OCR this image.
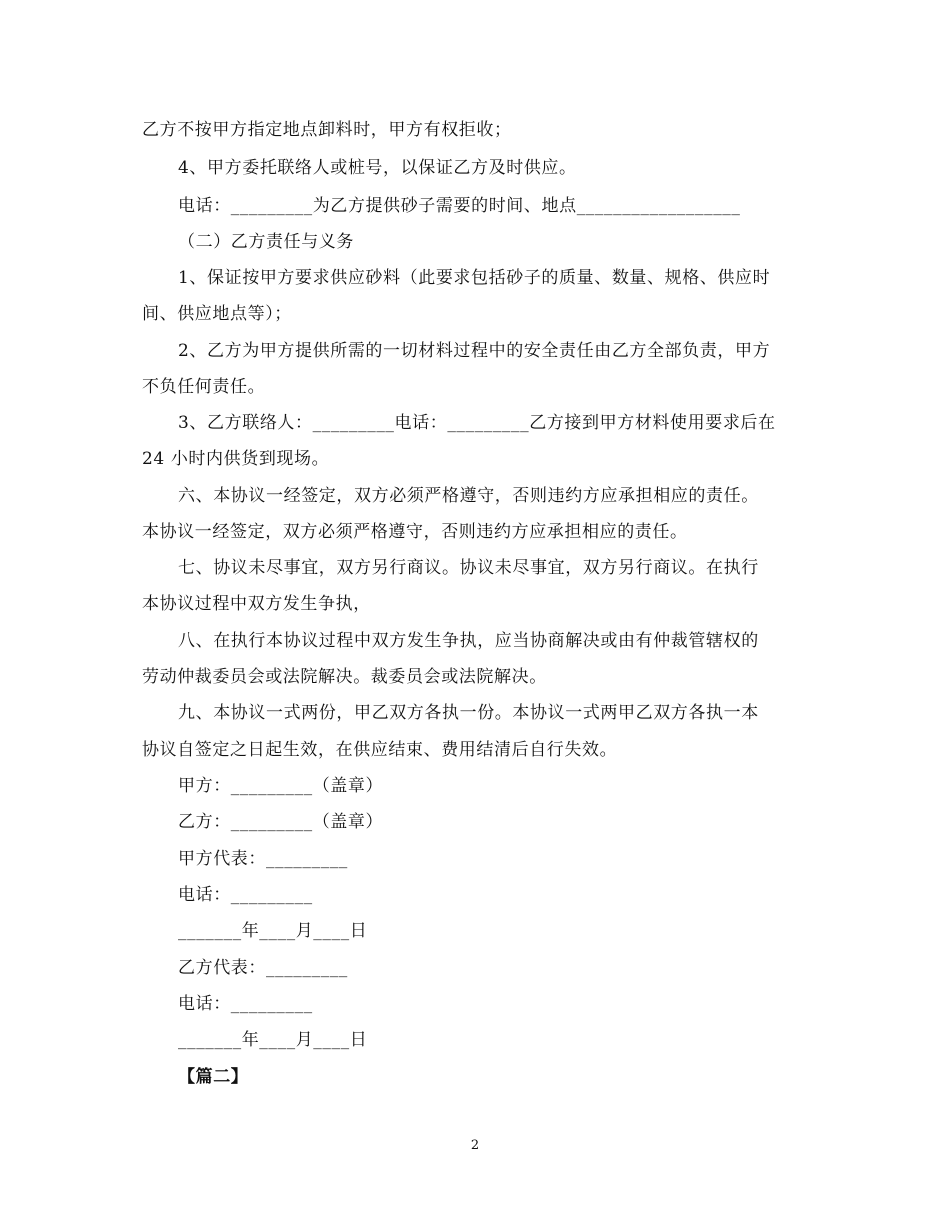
乙方不按甲方指定地点卸料时，甲方有权拒收；
4、甲方委托联络人或桩号，以保证乙方及时供应。
电话：_________为乙方提供砂子需要的时间、地点__________________
（二）乙方责任与义务
1、保证按甲方要求供应砂料（此要求包括砂子的质量、数量、规格、供应时
间、供应地点等）；
2、乙方为甲方提供所需的一切材料过程中的安全责任由乙方全部负责，甲方
不负任何责任。
3、乙方联络人：_________电话：_________乙方接到甲方材料使用要求后在
24 小时内供货到现场。
六、本协议一经签定，双方必须严格遵守，否则违约方应承担相应的责任。
本协议一经签定，双方必须严格遵守，否则违约方应承担相应的责任。
七、协议未尽事宜，双方另行商议。协议未尽事宜，双方另行商议。在执行
本协议过程中双方发生争执，
八、在执行本协议过程中双方发生争执，应当协商解决或由有仲裁管辖权的
劳动仲裁委员会或法院解决。裁委员会或法院解决。
九、本协议一式两份，甲乙双方各执一份。本协议一式两甲乙双方各执一本
协议自签定之日起生效，在供应结束、费用结清后自行失效。
甲方：_________（盖章）
乙方：_________（盖章）
甲方代表：_________
电话：_________
_______年____月____日
乙方代表：_________
电话：_________
_______年____月____日
【篇二】
2
